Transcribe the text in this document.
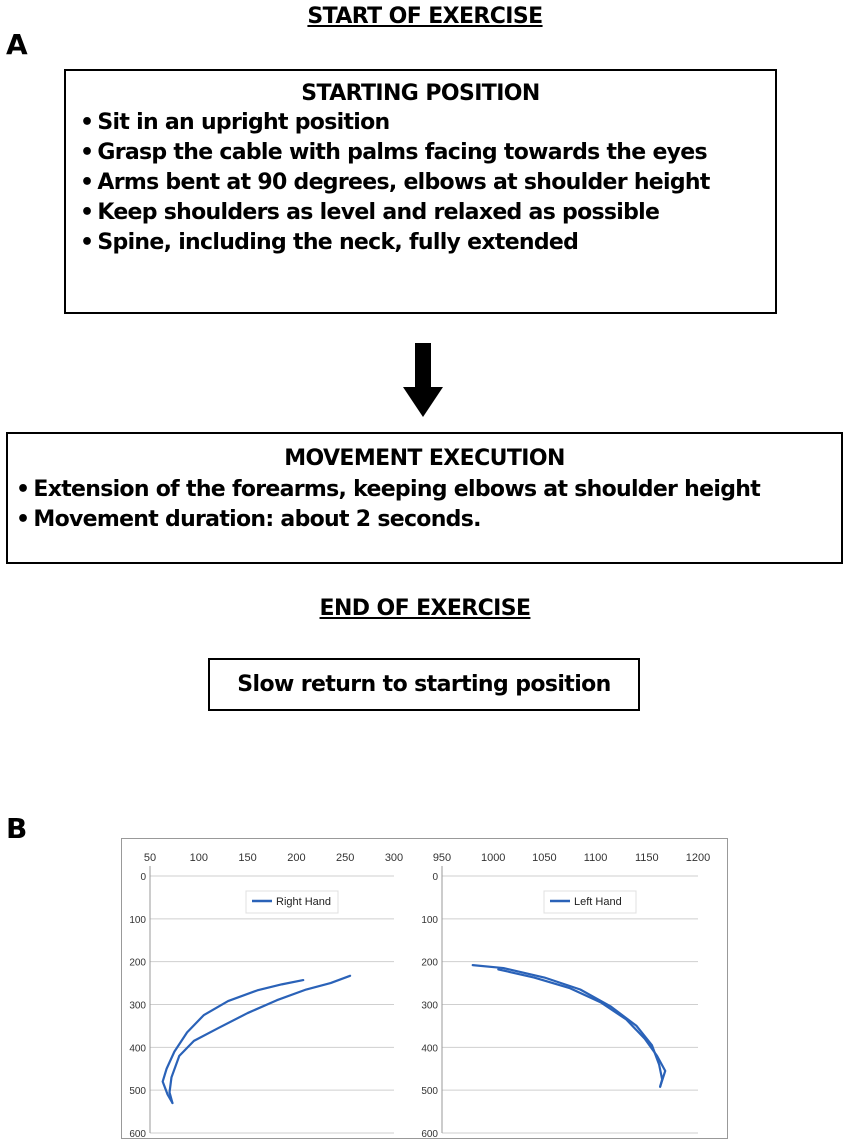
START OF EXERCISE
A
STARTING POSITION
• Sit in an upright position
• Grasp the cable with palms facing towards the eyes
• Arms bent at 90 degrees, elbows at shoulder height
• Keep shoulders as level and relaxed as possible
• Spine, including the neck, fully extended
MOVEMENT EXECUTION
• Extension of the forearms, keeping elbows at shoulder height
• Movement duration: about 2 seconds.
END OF EXERCISE
Slow return to starting position
B
0
100
200
300
400
500
600
50	100	150	200	250	300
Right Hand
0
100
200
300
400
500
600
950	1000 1050 1100	1150 1200
Left Hand
